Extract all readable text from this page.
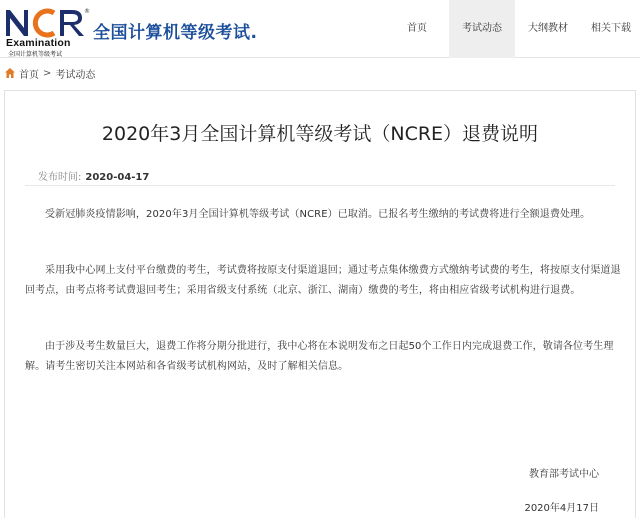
®
Examination
全国计算机等级考试
全国计算机等级考试.	首页	考试动态	大纲教材	相关下载
首页 > 考试动态
2020年3月全国计算机等级考试（NCRE）退费说明
发布时间: 2020-04-17

受新冠肺炎疫情影响，2020年3月全国计算机等级考试（NCRE）已取消。已报名考生缴纳的考试费将进行全额退费处理。

采用我中心网上支付平台缴费的考生，考试费将按原支付渠道退回；通过考点集体缴费方式缴纳考试费的考生，将按原支付渠道退回考点，由考点将考试费退回考生；采用省级支付系统（北京、浙江、湖南）缴费的考生，将由相应省级考试机构进行退费。

由于涉及考生数量巨大，退费工作将分期分批进行，我中心将在本说明发布之日起50个工作日内完成退费工作，敬请各位考生理解。请考生密切关注本网站和各省级考试机构网站，及时了解相关信息。

教育部考试中心
2020年4月17日
